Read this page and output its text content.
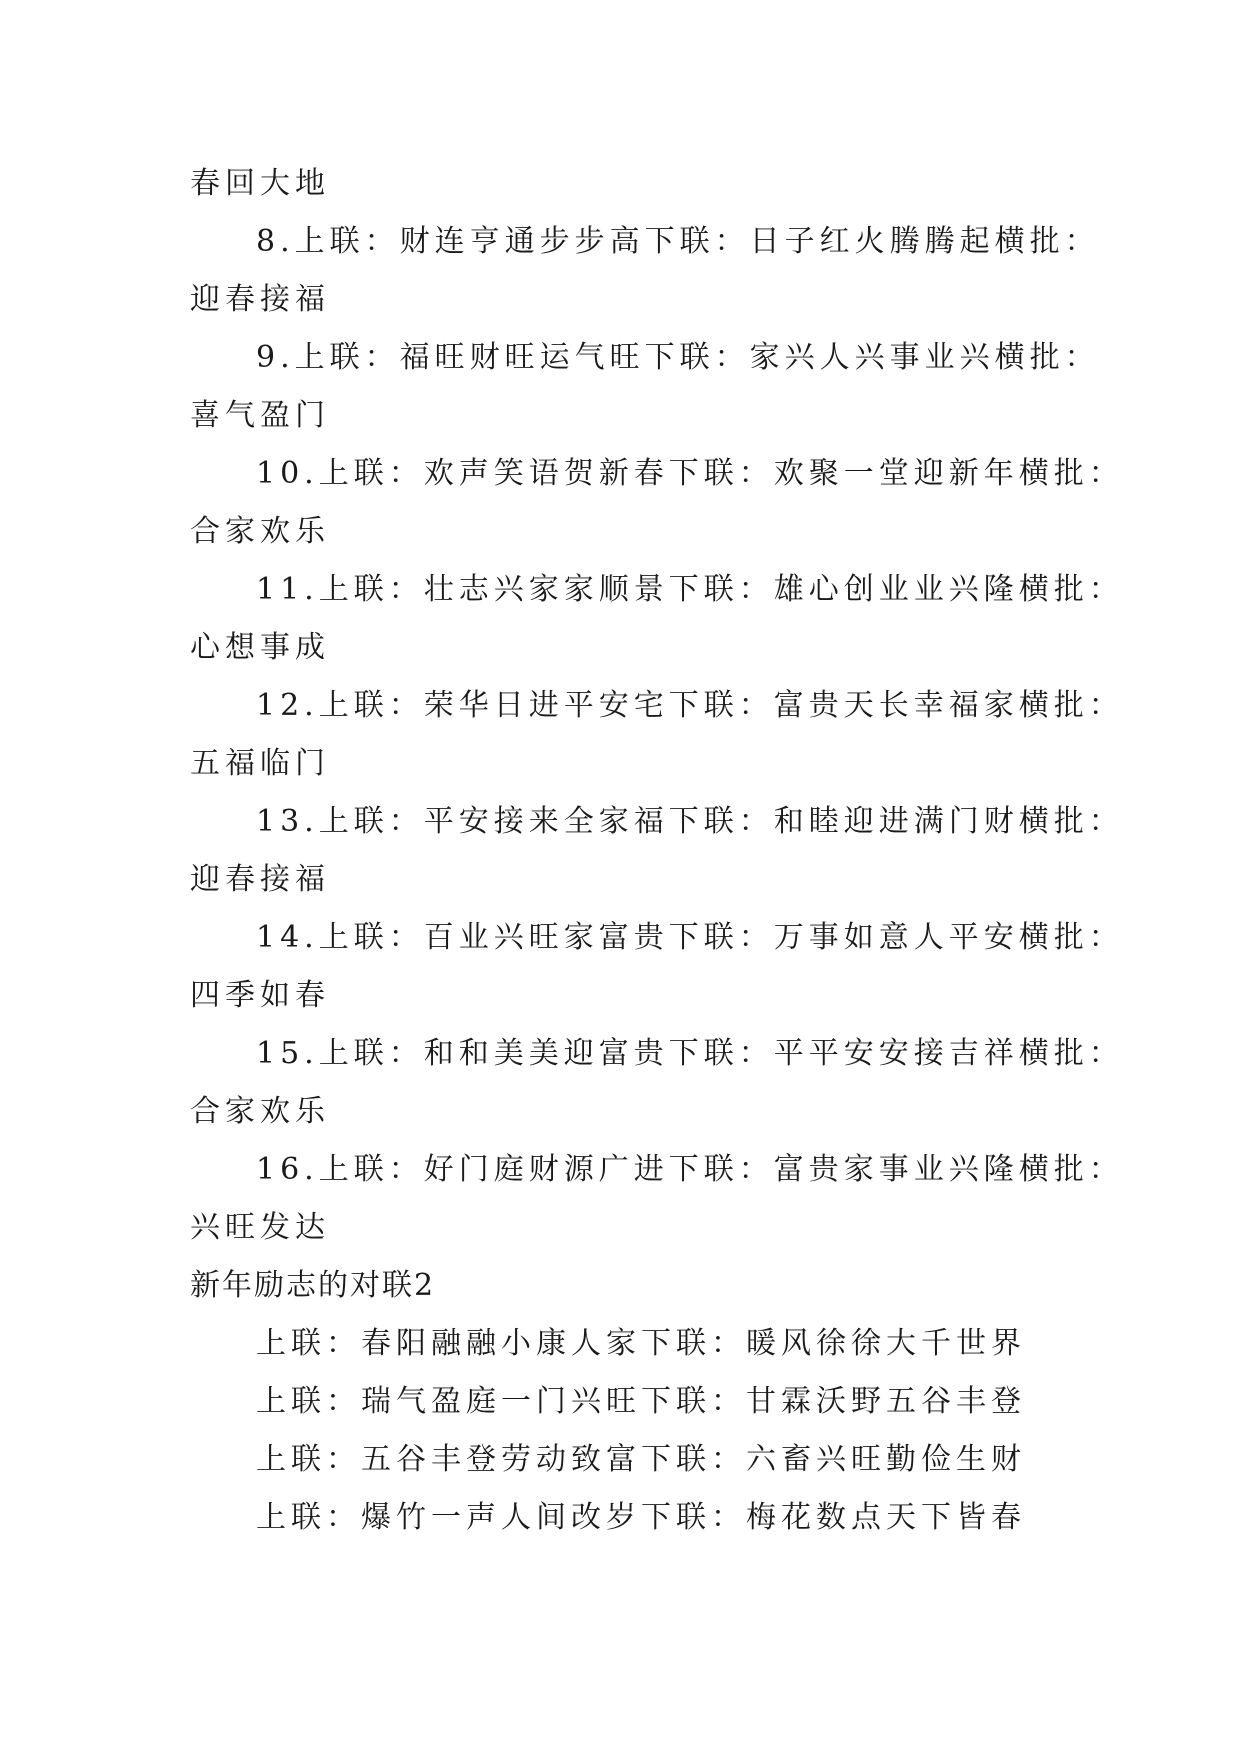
春回大地
8.上联：财连亨通步步高下联：日子红火腾腾起横批：
迎春接福
9.上联：福旺财旺运气旺下联：家兴人兴事业兴横批：
喜气盈门
10.上联：欢声笑语贺新春下联：欢聚一堂迎新年横批：
合家欢乐
11.上联：壮志兴家家顺景下联：雄心创业业兴隆横批：
心想事成
12.上联：荣华日进平安宅下联：富贵天长幸福家横批：
五福临门
13.上联：平安接来全家福下联：和睦迎进满门财横批：
迎春接福
14.上联：百业兴旺家富贵下联：万事如意人平安横批：
四季如春
15.上联：和和美美迎富贵下联：平平安安接吉祥横批：
合家欢乐
16.上联：好门庭财源广进下联：富贵家事业兴隆横批：
兴旺发达
新年励志的对联2
上联：春阳融融小康人家下联：暖风徐徐大千世界
上联：瑞气盈庭一门兴旺下联：甘霖沃野五谷丰登
上联：五谷丰登劳动致富下联：六畜兴旺勤俭生财
上联：爆竹一声人间改岁下联：梅花数点天下皆春
